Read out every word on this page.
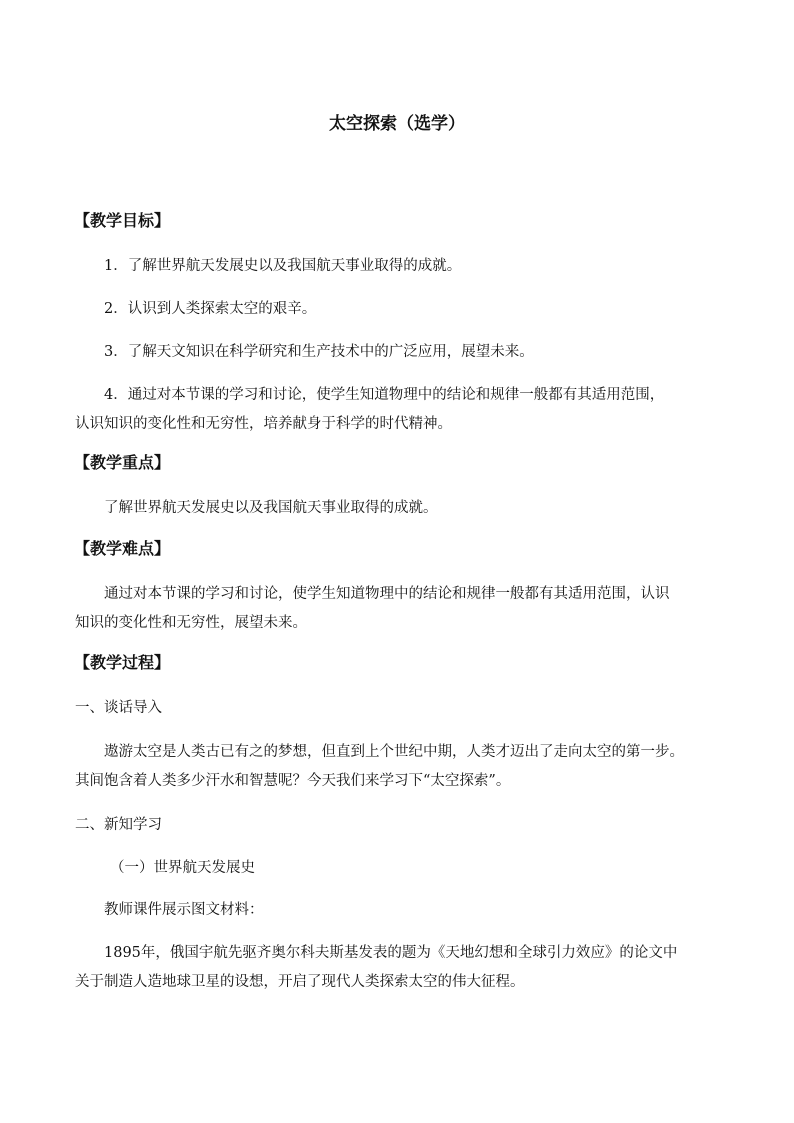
太空探索（选学）
【教学目标】
1．了解世界航天发展史以及我国航天事业取得的成就。
2．认识到人类探索太空的艰辛。
3．了解天文知识在科学研究和生产技术中的广泛应用，展望未来。
4．通过对本节课的学习和讨论，使学生知道物理中的结论和规律一般都有其适用范围，
认识知识的变化性和无穷性，培养献身于科学的时代精神。
【教学重点】
了解世界航天发展史以及我国航天事业取得的成就。
【教学难点】
通过对本节课的学习和讨论，使学生知道物理中的结论和规律一般都有其适用范围，认识
知识的变化性和无穷性，展望未来。
【教学过程】
一、谈话导入
遨游太空是人类古已有之的梦想，但直到上个世纪中期，人类才迈出了走向太空的第一步。
其间饱含着人类多少汗水和智慧呢？今天我们来学习下“太空探索”。
二、新知学习
（一）世界航天发展史
教师课件展示图文材料：
1895年，俄国宇航先驱齐奥尔科夫斯基发表的题为《天地幻想和全球引力效应》的论文中
关于制造人造地球卫星的设想，开启了现代人类探索太空的伟大征程。
